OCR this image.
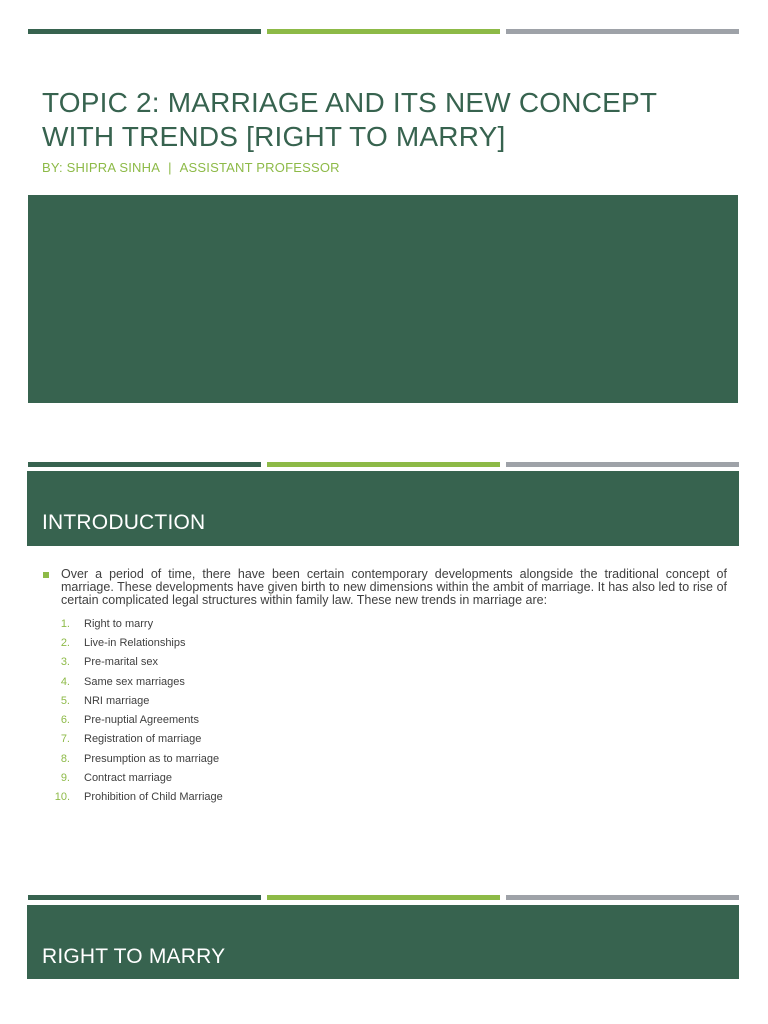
TOPIC 2: MARRIAGE AND ITS NEW CONCEPT WITH TRENDS [RIGHT TO MARRY]
BY: SHIPRA SINHA | ASSISTANT PROFESSOR
INTRODUCTION
Over a period of time, there have been certain contemporary developments alongside the traditional concept of marriage. These developments have given birth to new dimensions within the ambit of marriage. It has also led to rise of certain complicated legal structures within family law. These new trends in marriage are:
1.	Right to marry
2.	Live-in Relationships
3.	Pre-marital sex
4.	Same sex marriages
5.	NRI marriage
6.	Pre-nuptial Agreements
7.	Registration of marriage
8.	Presumption as to marriage
9.	Contract marriage
10.	Prohibition of Child Marriage
RIGHT TO MARRY
